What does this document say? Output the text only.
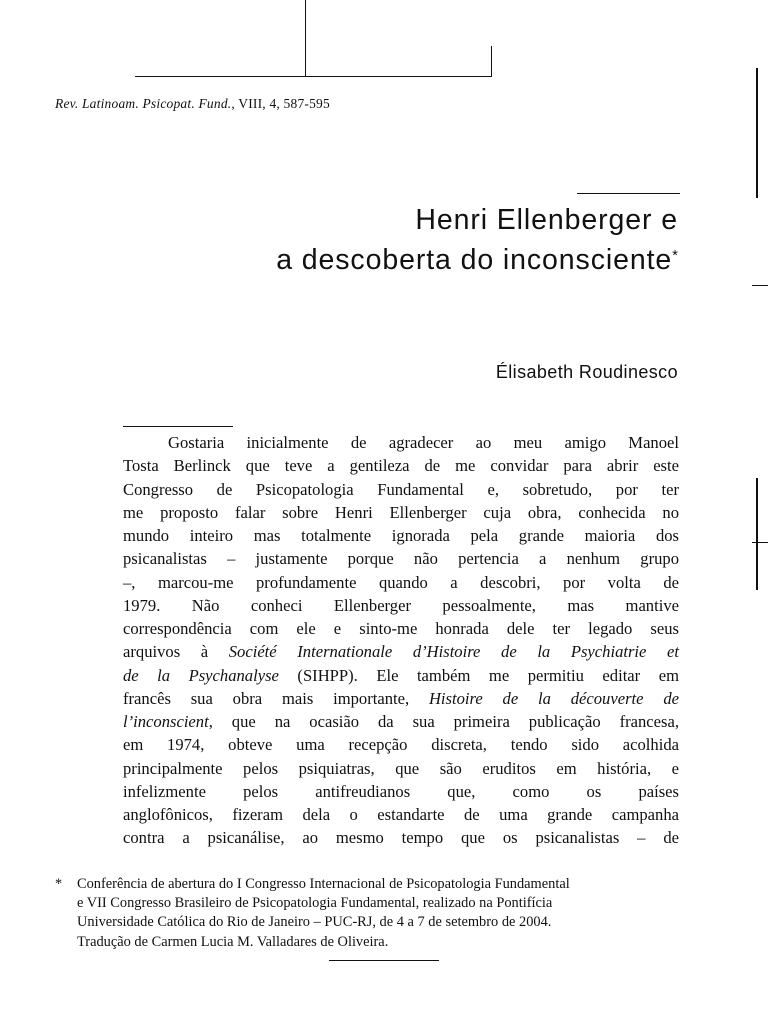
Rev. Latinoam. Psicopat. Fund., VIII, 4, 587-595
Henri Ellenberger e
a descoberta do inconsciente*
Élisabeth Roudinesco
Gostaria inicialmente de agradecer ao meu amigo Manoel
Tosta Berlinck que teve a gentileza de me convidar para abrir este
Congresso de Psicopatologia Fundamental e, sobretudo, por ter
me proposto falar sobre Henri Ellenberger cuja obra, conhecida no
mundo inteiro mas totalmente ignorada pela grande maioria dos
psicanalistas – justamente porque não pertencia a nenhum grupo
–, marcou-me profundamente quando a descobri, por volta de
1979. Não conheci Ellenberger pessoalmente, mas mantive
correspondência com ele e sinto-me honrada dele ter legado seus
arquivos à Société Internationale d’Histoire de la Psychiatrie et
de la Psychanalyse (SIHPP). Ele também me permitiu editar em
francês sua obra mais importante, Histoire de la découverte de
l’inconscient, que na ocasião da sua primeira publicação francesa,
em 1974, obteve uma recepção discreta, tendo sido acolhida
principalmente pelos psiquiatras, que são eruditos em história, e
infelizmente pelos antifreudianos que, como os países
anglofônicos, fizeram dela o estandarte de uma grande campanha
contra a psicanálise, ao mesmo tempo que os psicanalistas – de
*	Conferência de abertura do I Congresso Internacional de Psicopatologia Fundamental
e VII Congresso Brasileiro de Psicopatologia Fundamental, realizado na Pontifícia
Universidade Católica do Rio de Janeiro – PUC-RJ, de 4 a 7 de setembro de 2004.
Tradução de Carmen Lucia M. Valladares de Oliveira.
